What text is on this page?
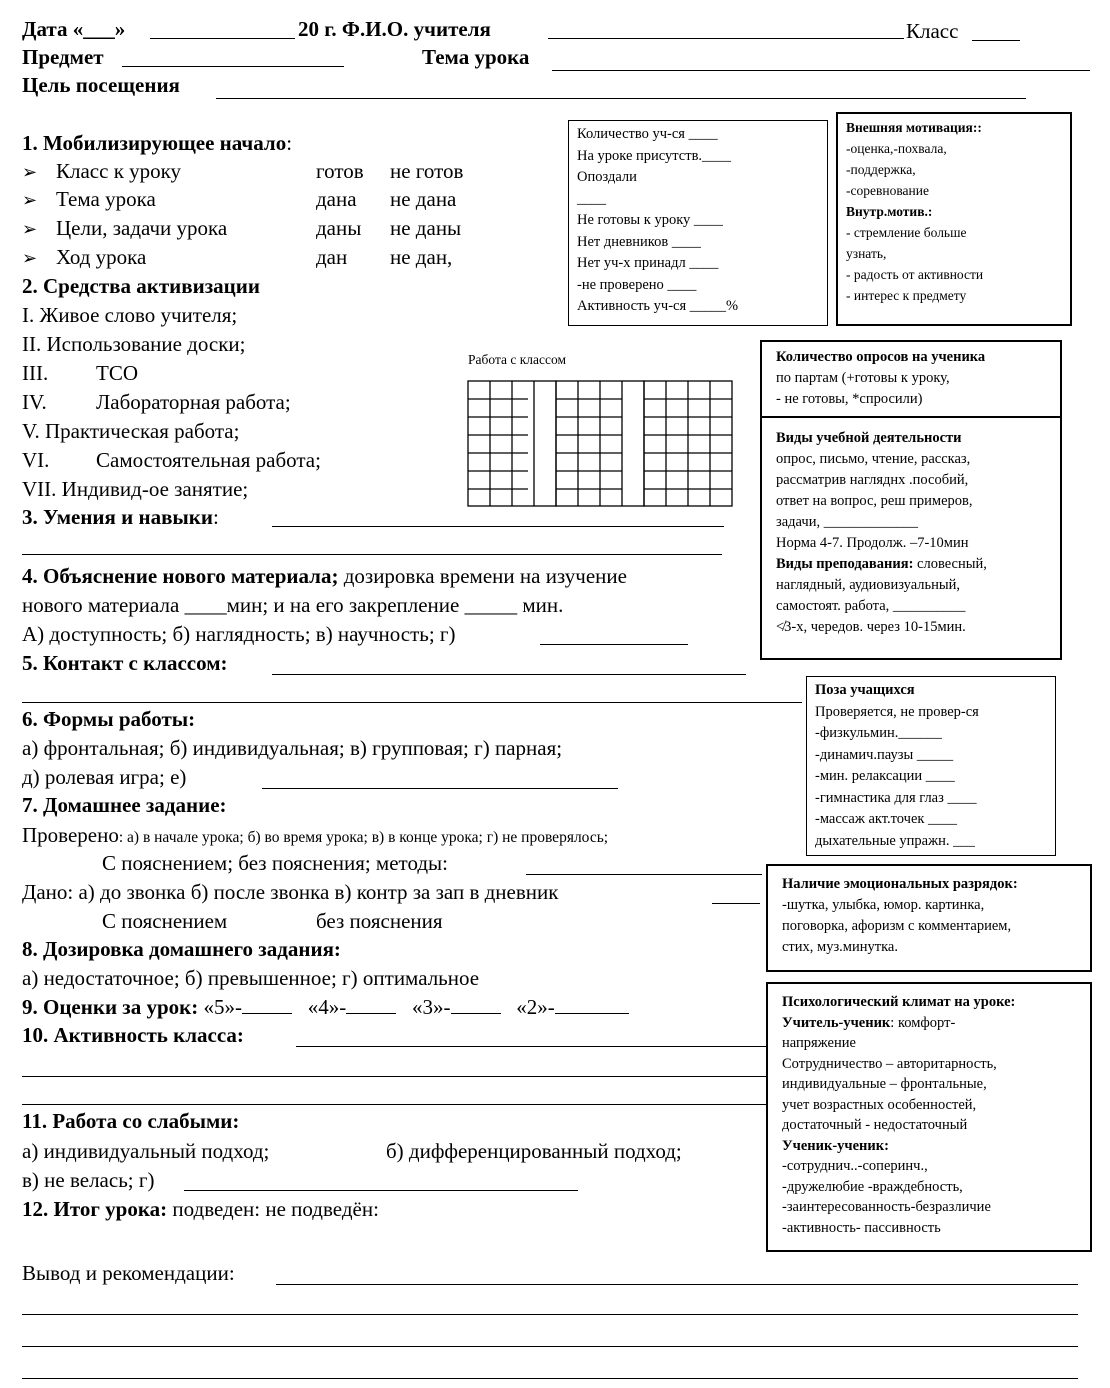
Дата «___»	20 г. Ф.И.О. учителя	Класс
Предмет	Тема урока
Цель посещения
1. Мобилизирующее начало:
➢ Класс к уроку	готов не готов
➢ Тема урока	дана не дана
➢ Цели, задачи урока	даны не даны
➢ Ход урока	дан не дан,
2. Средства активизации
I. Живое слово учителя;
II. Использование доски;
III. ТСО
IV. Лабораторная работа;
V. Практическая работа;
VI. Самостоятельная работа;
VII. Индивид-ое занятие;
3. Умения и навыки:
4. Объяснение нового материала; дозировка времени на изучение
нового материала ____мин; и на его закрепление _____ мин.
А) доступность; б) наглядность; в) научность; г)
5. Контакт с классом:
6. Формы работы:
а) фронтальная; б) индивидуальная; в) групповая; г) парная;
д) ролевая игра; е)
7. Домашнее задание:
Проверено: а) в начале урока; б) во время урока; в) в конце урока; г) не проверялось;
С пояснением; без пояснения; методы:
Дано: а) до звонка б) после звонка в) контр за зап в дневник
С пояснением	без пояснения
8. Дозировка домашнего задания:
а) недостаточное; б) превышенное; г) оптимальное
9. Оценки за урок: «5»-	«4»-	«3»-	«2»-
10. Активность класса:
11. Работа со слабыми:
а) индивидуальный подход;	б) дифференцированный подход;
в) не велась; г)
12. Итог урока: подведен: не подведён:
Вывод и рекомендации:
Количество уч-ся ____
На уроке присутств.____
Опоздали
____
Не готовы к уроку ____
Нет дневников ____
Нет уч-х принадл ____
-не проверено ____
Активность уч-ся _____%
Внешняя мотивация::
-оценка,-похвала,
-поддержка,
-соревнование
Внутр.мотив.:
- стремление больше
узнать,
- радость от активности
- интерес к предмету
Работа с классом	Количество опросов на ученика
по партам (+готовы к уроку,
- не готовы, *спросили)
Виды учебной деятельности
опрос, письмо, чтение, рассказ,
рассматрив нагляднх .пособий,
ответ на вопрос, реш примеров,
задачи, _____________
Норма 4-7. Продолж. –7-10мин
Виды преподавания: словесный,
наглядный, аудиовизуальный,
самостоят. работа, __________
≮3-х, чередов. через 10-15мин.
Поза учащихся
Проверяется, не провер-ся
-физкульмин.______
-динамич.паузы _____
-мин. релаксации ____
-гимнастика для глаз ____
-массаж акт.точек ____
дыхательные упражн. ___
Наличие эмоциональных разрядок:
-шутка, улыбка, юмор. картинка,
поговорка, афоризм с комментарием,
стих, муз.минутка.
Психологический климат на уроке:
Учитель-ученик: комфорт-
напряжение
Сотрудничество – авторитарность,
индивидуальные – фронтальные,
учет возрастных особенностей,
достаточный - недостаточный
Ученик-ученик:
-сотруднич..-соперинч.,
-дружелюбие -враждебность,
-заинтересованность-безразличие
-активность- пассивность
